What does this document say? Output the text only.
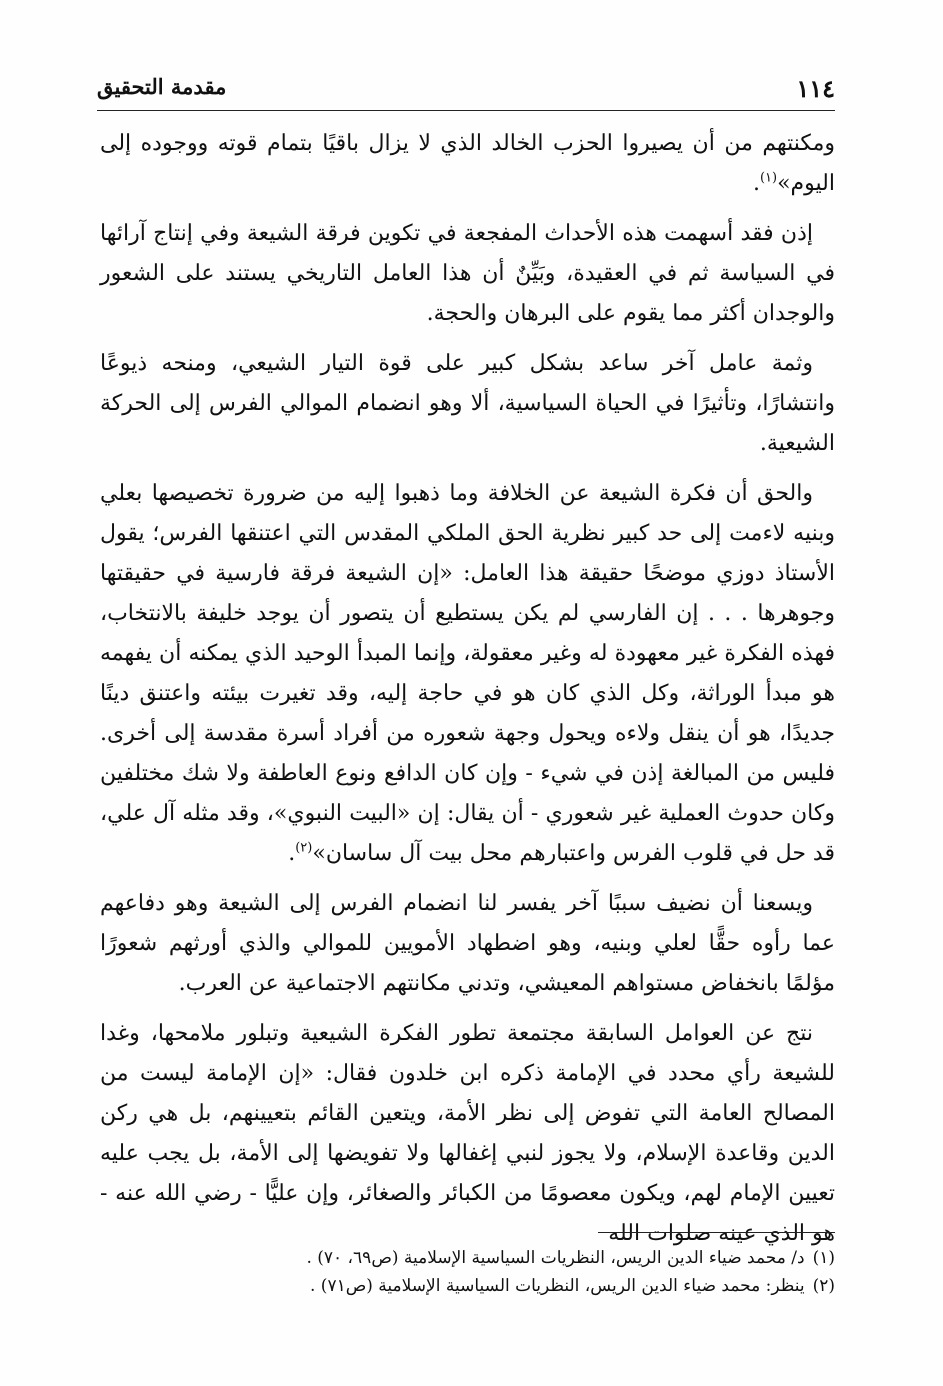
١١٤
مقدمة التحقيق

ومكنتهم من أن يصيروا الحزب الخالد الذي لا يزال باقيًا بتمام قوته ووجوده إلى اليوم»$^{(١)}$.

إذن فقد أسهمت هذه الأحداث المفجعة في تكوين فرقة الشيعة وفي إنتاج آرائها في السياسة ثم في العقيدة، وبَيِّنٌ أن هذا العامل التاريخي يستند على الشعور والوجدان أكثر مما يقوم على البرهان والحجة.

وثمة عامل آخر ساعد بشكل كبير على قوة التيار الشيعي، ومنحه ذيوعًا وانتشارًا، وتأثيرًا في الحياة السياسية، ألا وهو انضمام الموالي الفرس إلى الحركة الشيعية.

والحق أن فكرة الشيعة عن الخلافة وما ذهبوا إليه من ضرورة تخصيصها بعلي وبنيه لاءمت إلى حد كبير نظرية الحق الملكي المقدس التي اعتنقها الفرس؛ يقول الأستاذ دوزي موضحًا حقيقة هذا العامل: «إن الشيعة فرقة فارسية في حقيقتها وجوهرها . . . إن الفارسي لم يكن يستطيع أن يتصور أن يوجد خليفة بالانتخاب، فهذه الفكرة غير معهودة له وغير معقولة، وإنما المبدأ الوحيد الذي يمكنه أن يفهمه هو مبدأ الوراثة، وكل الذي كان هو في حاجة إليه، وقد تغيرت بيئته واعتنق دينًا جديدًا، هو أن ينقل ولاءه ويحول وجهة شعوره من أفراد أسرة مقدسة إلى أخرى. فليس من المبالغة إذن في شيء - وإن كان الدافع ونوع العاطفة ولا شك مختلفين وكان حدوث العملية غير شعوري - أن يقال: إن «البيت النبوي»، وقد مثله آل علي، قد حل في قلوب الفرس واعتبارهم محل بيت آل ساسان»$^{(٢)}$.

ويسعنا أن نضيف سببًا آخر يفسر لنا انضمام الفرس إلى الشيعة وهو دفاعهم عما رأوه حقًّا لعلي وبنيه، وهو اضطهاد الأمويين للموالي والذي أورثهم شعورًا مؤلمًا بانخفاض مستواهم المعيشي، وتدني مكانتهم الاجتماعية عن العرب.

نتج عن العوامل السابقة مجتمعة تطور الفكرة الشيعية وتبلور ملامحها، وغدا للشيعة رأي محدد في الإمامة ذكره ابن خلدون فقال: «إن الإمامة ليست من المصالح العامة التي تفوض إلى نظر الأمة، ويتعين القائم بتعيينهم، بل هي ركن الدين وقاعدة الإسلام، ولا يجوز لنبي إغفالها ولا تفويضها إلى الأمة، بل يجب عليه تعيين الإمام لهم، ويكون معصومًا من الكبائر والصغائر، وإن عليًّا - رضي الله عنه - هو الذي عينه صلوات الله

(١)د/ محمد ضياء الدين الريس، النظريات السياسية الإسلامية (ص٦٩، ٧٠) .

(٢)ينظر: محمد ضياء الدين الريس، النظريات السياسية الإسلامية (ص٧١) .
